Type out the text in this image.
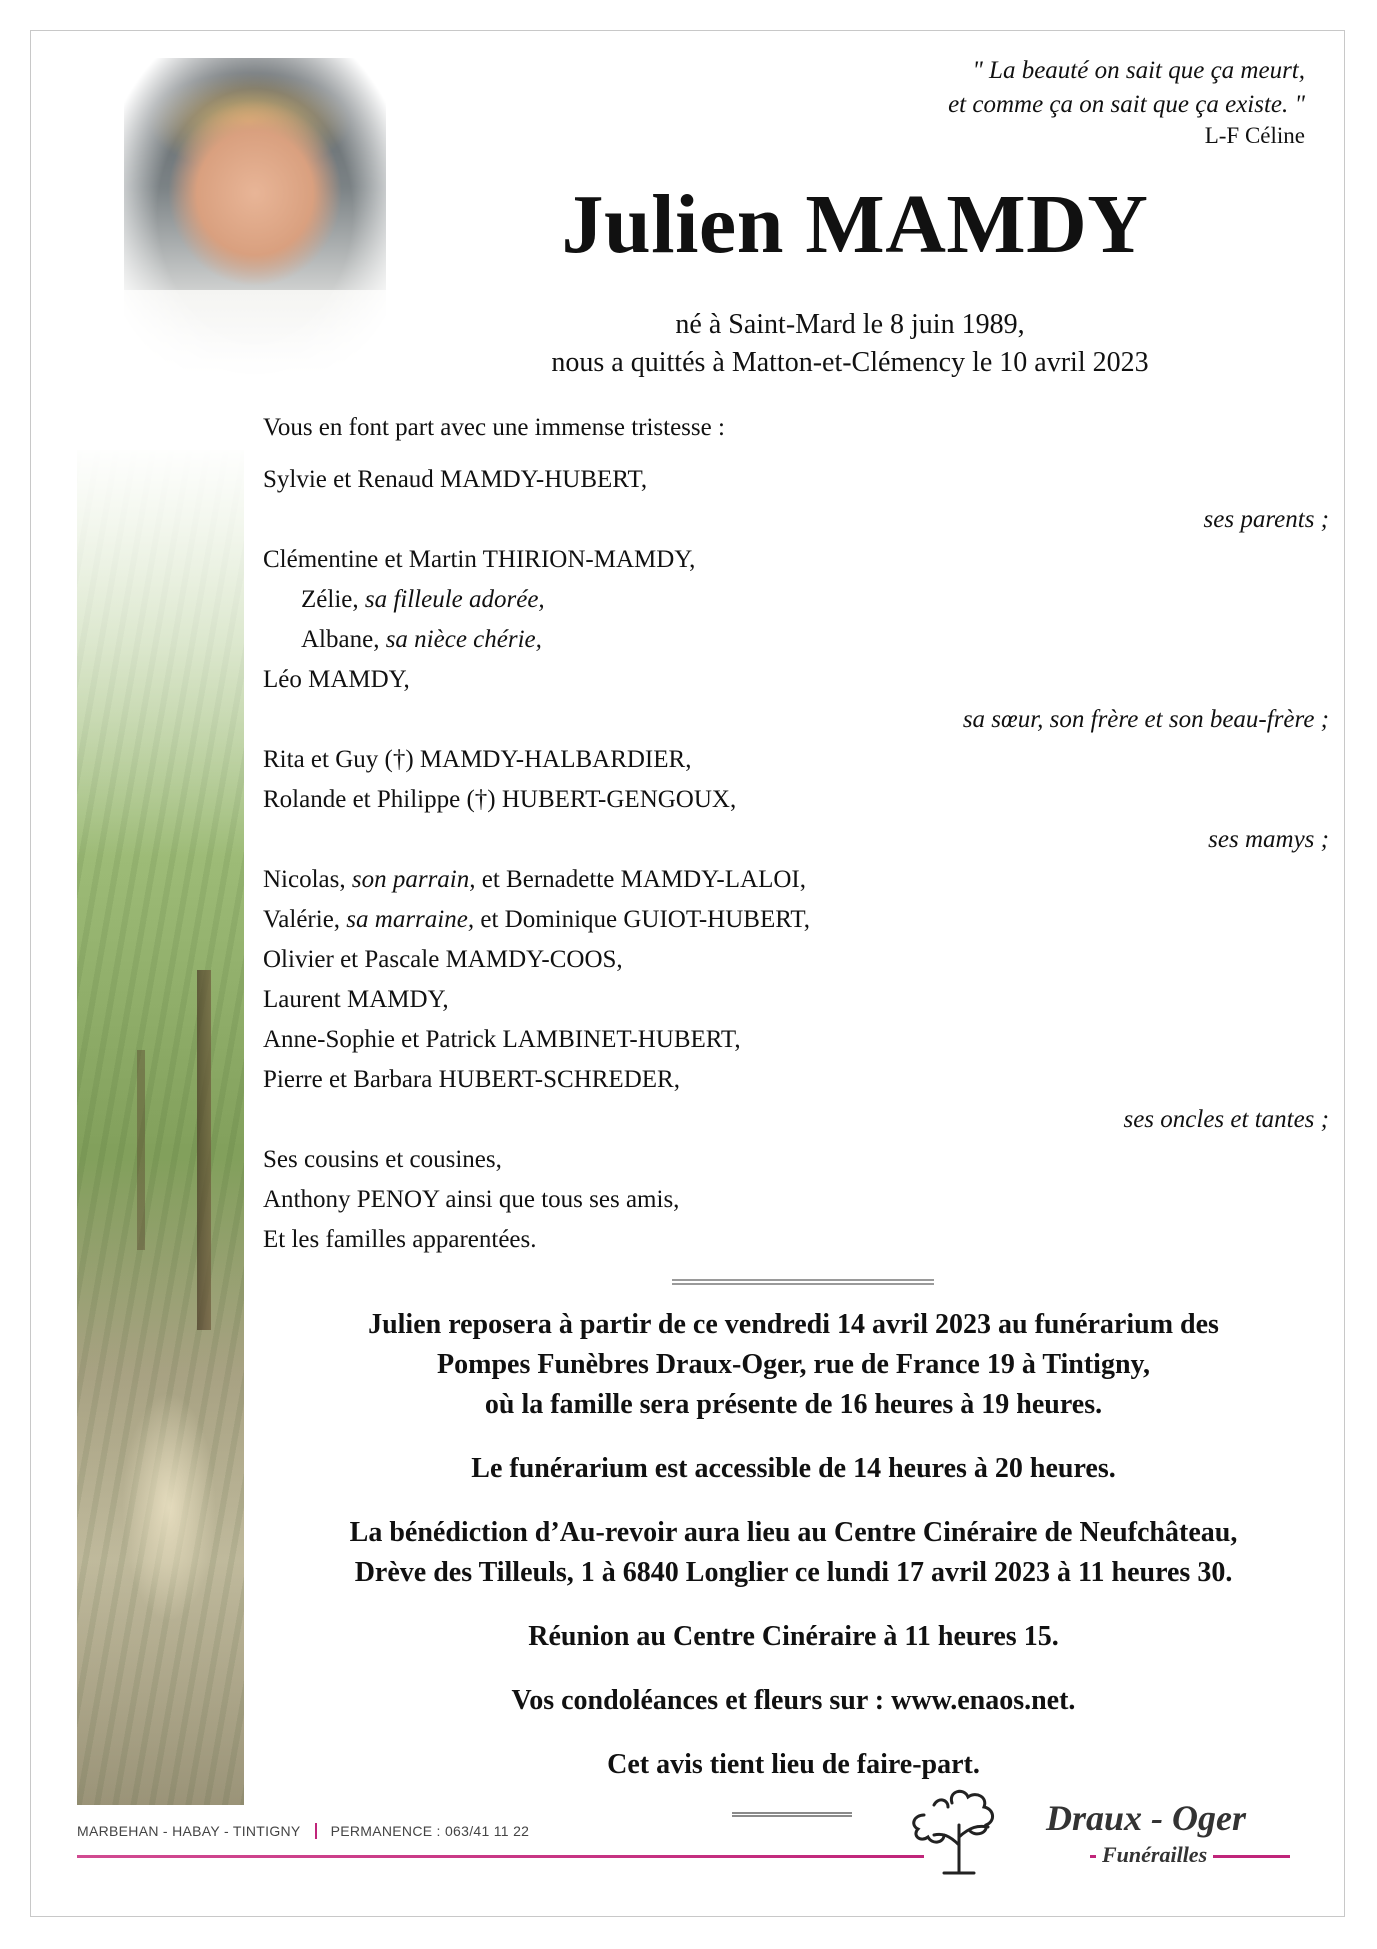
" La beauté on sait que ça meurt,
et comme ça on sait que ça existe. "
L-F Céline
Julien MAMDY
né à Saint-Mard le 8 juin 1989,
nous a quittés à Matton-et-Clémency le 10 avril 2023
Vous en font part avec une immense tristesse :
Sylvie et Renaud MAMDY-HUBERT,
ses parents ;
Clémentine et Martin THIRION-MAMDY,
Zélie, sa filleule adorée,
Albane, sa nièce chérie,
Léo MAMDY,
sa sœur, son frère et son beau-frère ;
Rita et Guy (†) MAMDY-HALBARDIER,
Rolande et Philippe (†) HUBERT-GENGOUX,
ses mamys ;
Nicolas, son parrain, et Bernadette MAMDY-LALOI,
Valérie, sa marraine, et Dominique GUIOT-HUBERT,
Olivier et Pascale MAMDY-COOS,
Laurent MAMDY,
Anne-Sophie et Patrick LAMBINET-HUBERT,
Pierre et Barbara HUBERT-SCHREDER,
ses oncles et tantes ;
Ses cousins et cousines,
Anthony PENOY ainsi que tous ses amis,
Et les familles apparentées.
Julien reposera à partir de ce vendredi 14 avril 2023 au funérarium des
Pompes Funèbres Draux-Oger, rue de France 19 à Tintigny,
où la famille sera présente de 16 heures à 19 heures.
Le funérarium est accessible de 14 heures à 20 heures.
La bénédiction d’Au-revoir aura lieu au Centre Cinéraire de Neufchâteau,
Drève des Tilleuls, 1 à 6840 Longlier ce lundi 17 avril 2023 à 11 heures 30.
Réunion au Centre Cinéraire à 11 heures 15.
Vos condoléances et fleurs sur : www.enaos.net.
Cet avis tient lieu de faire-part.
MARBEHAN - HABAY - TINTIGNY PERMANENCE : 063/41 11 22	Draux - Oger
Funérailles
